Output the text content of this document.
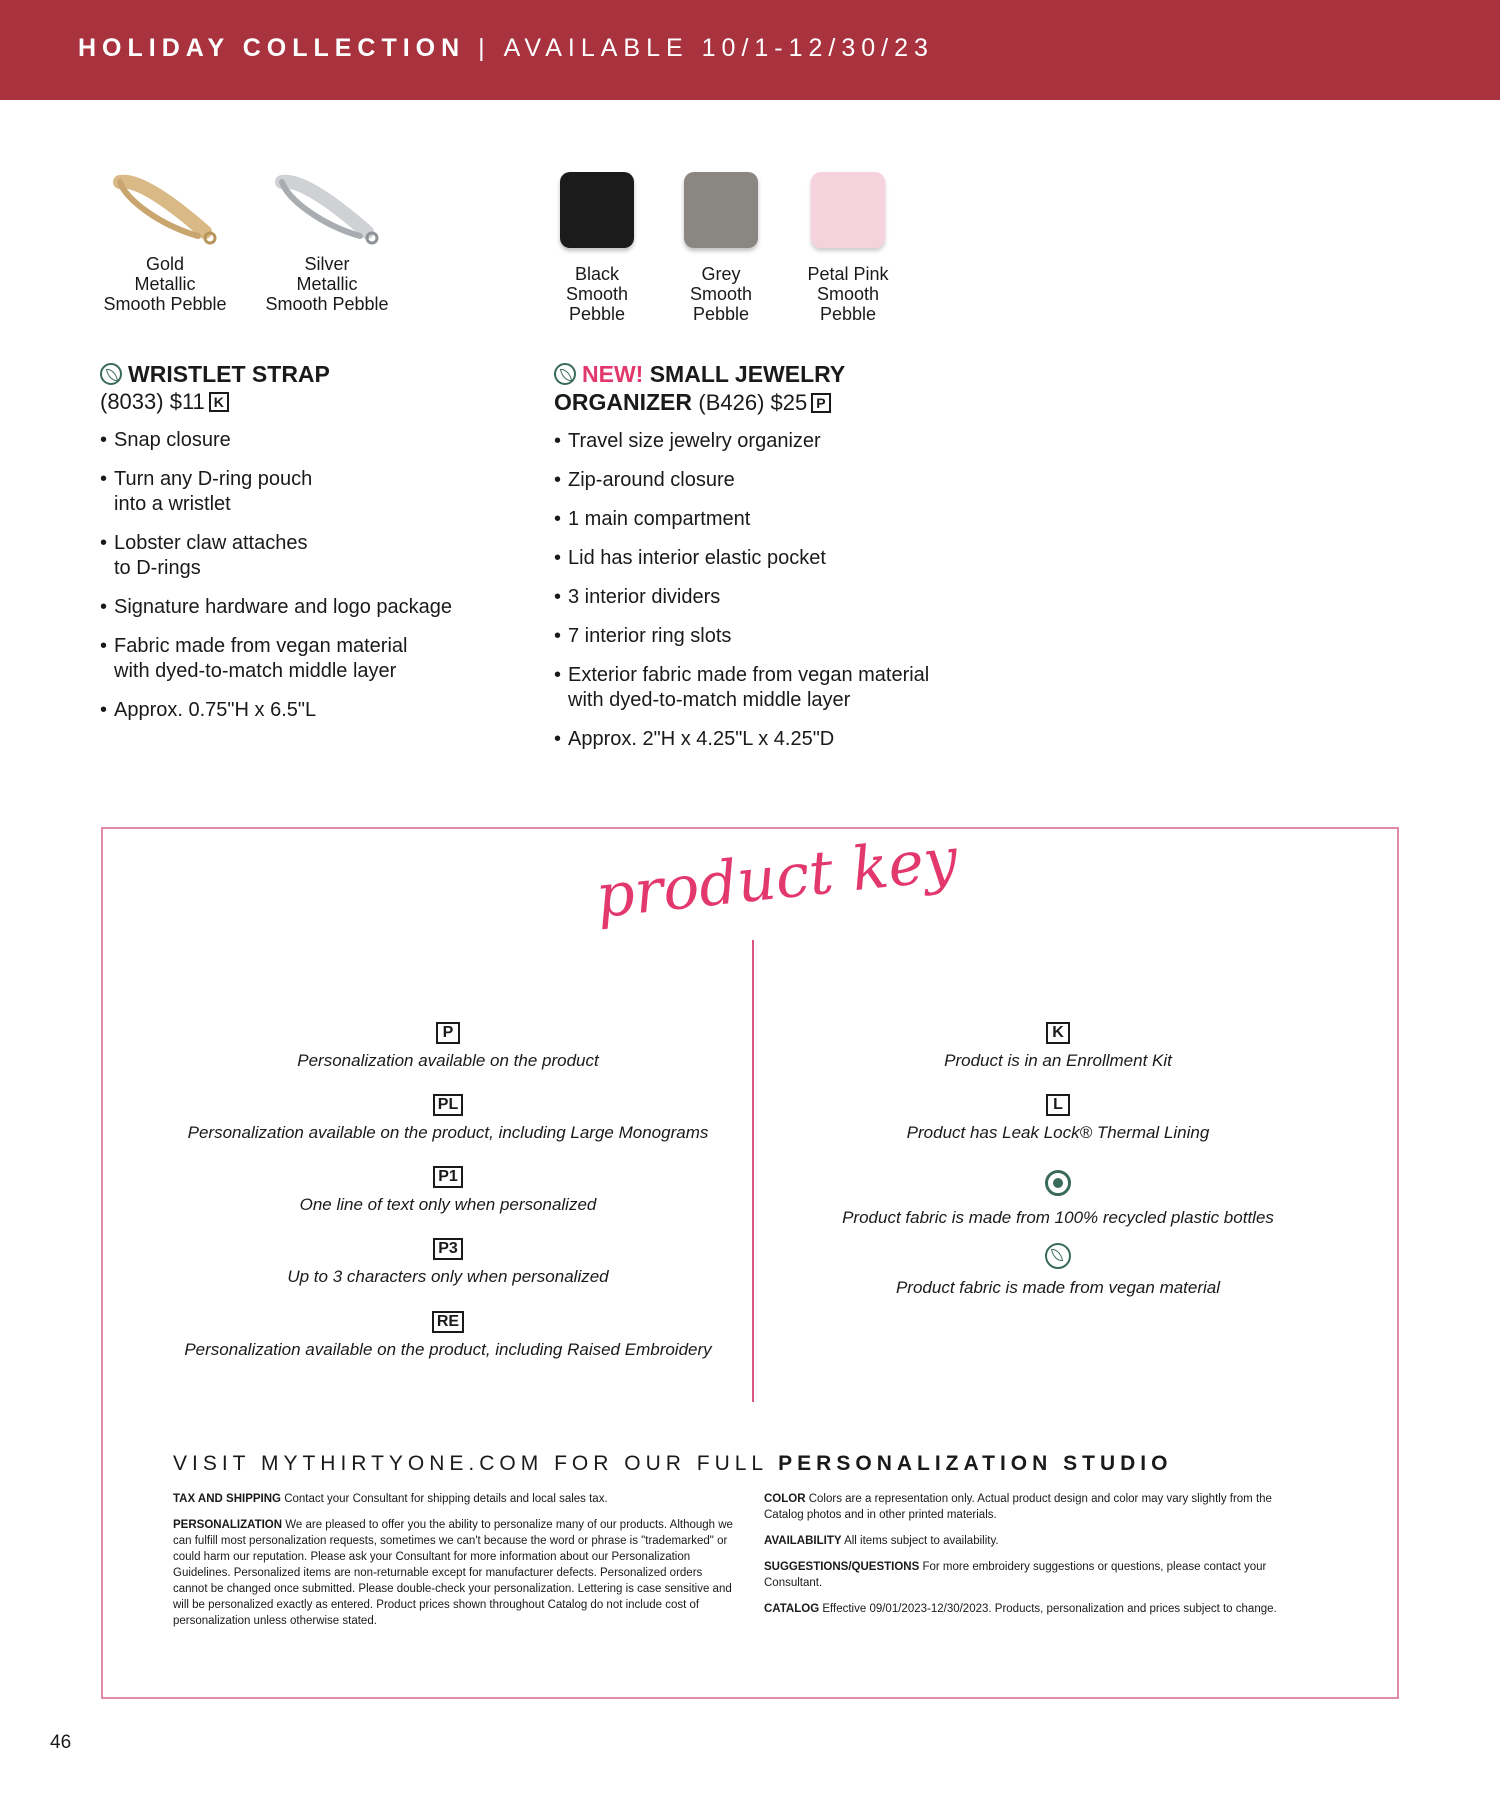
HOLIDAY COLLECTION | AVAILABLE 10/1-12/30/23
Gold
Metallic
Smooth Pebble
Silver
Metallic
Smooth Pebble
Black
Smooth
Pebble
Grey
Smooth
Pebble
Petal Pink
Smooth
Pebble
WRISTLET STRAP
(8033) $11 K
• Snap closure
• Turn any D-ring pouch
into a wristlet
• Lobster claw attaches
to D-rings
• Signature hardware and logo package
• Fabric made from vegan material
with dyed-to-match middle layer
• Approx. 0.75"H x 6.5"L
NEW! SMALL JEWELRY
ORGANIZER (B426) $25 P
• Travel size jewelry organizer
• Zip-around closure
• 1 main compartment
• Lid has interior elastic pocket
• 3 interior dividers
• 7 interior ring slots
• Exterior fabric made from vegan material
with dyed-to-match middle layer
• Approx. 2"H x 4.25"L x 4.25"D
product key
P
Personalization available on the product
PL
Personalization available on the product, including Large Monograms
P1
One line of text only when personalized
P3
Up to 3 characters only when personalized
RE
Personalization available on the product, including Raised Embroidery
K
Product is in an Enrollment Kit
L
Product has Leak Lock® Thermal Lining
Product fabric is made from 100% recycled plastic bottles
Product fabric is made from vegan material
VISIT MYTHIRTYONE.COM FOR OUR FULL PERSONALIZATION STUDIO

TAX AND SHIPPING Contact your Consultant for shipping details and local sales tax.

PERSONALIZATION We are pleased to offer you the ability to personalize many of our products. Although we can fulfill most personalization requests, sometimes we can't because the word or phrase is "trademarked" or could harm our reputation. Please ask your Consultant for more information about our Personalization Guidelines. Personalized items are non-returnable except for manufacturer defects. Personalized orders cannot be changed once submitted. Please double-check your personalization. Lettering is case sensitive and will be personalized exactly as entered. Product prices shown throughout Catalog do not include cost of personalization unless otherwise stated.

COLOR Colors are a representation only. Actual product design and color may vary slightly from the Catalog photos and in other printed materials.

AVAILABILITY All items subject to availability.

SUGGESTIONS/QUESTIONS For more embroidery suggestions or questions, please contact your Consultant.

CATALOG Effective 09/01/2023-12/30/2023. Products, personalization and prices subject to change.

46
